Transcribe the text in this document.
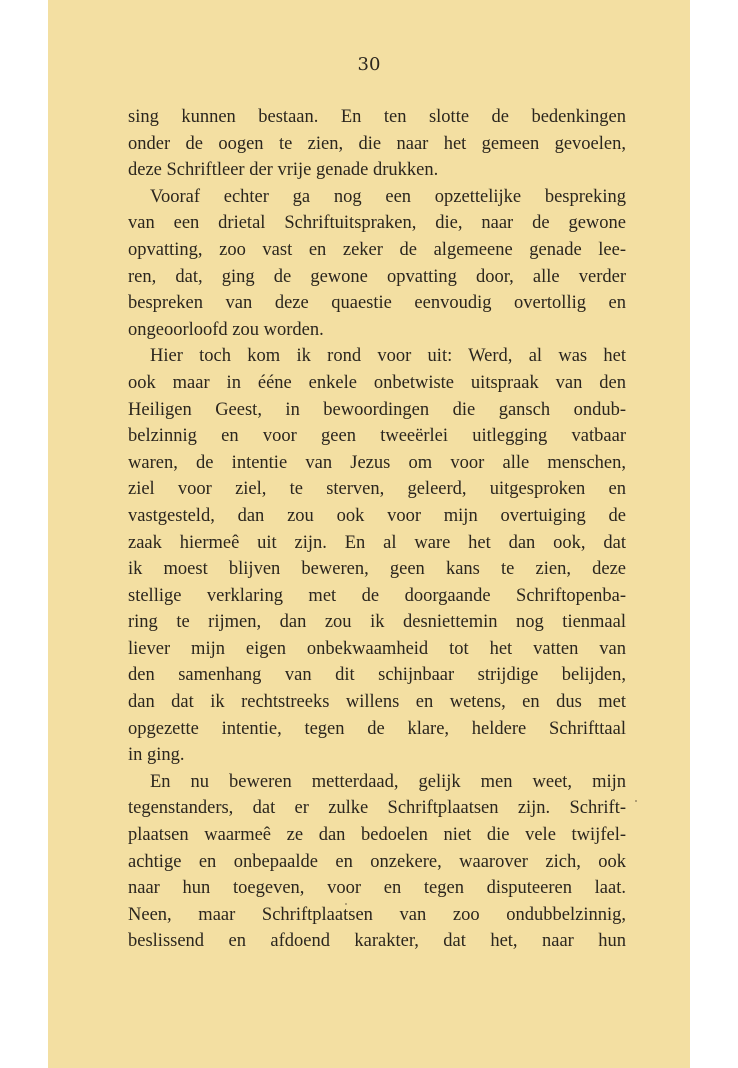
30

sing kunnen bestaan. En ten slotte de bedenkingen
onder de oogen te zien, die naar het gemeen gevoelen,
deze Schriftleer der vrije genade drukken.

Vooraf echter ga nog een opzettelijke bespreking
van een drietal Schriftuitspraken, die, naar de gewone
opvatting, zoo vast en zeker de algemeene genade lee-
ren, dat, ging de gewone opvatting door, alle verder
bespreken van deze quaestie eenvoudig overtollig en
ongeoorloofd zou worden.

Hier toch kom ik rond voor uit: Werd, al was het
ook maar in ééne enkele onbetwiste uitspraak van den
Heiligen Geest, in bewoordingen die gansch ondub-
belzinnig en voor geen tweeërlei uitlegging vatbaar
waren, de intentie van Jezus om voor alle menschen,
ziel voor ziel, te sterven, geleerd, uitgesproken en
vastgesteld, dan zou ook voor mijn overtuiging de
zaak hiermeê uit zijn. En al ware het dan ook, dat
ik moest blijven beweren, geen kans te zien, deze
stellige verklaring met de doorgaande Schriftopenba-
ring te rijmen, dan zou ik desniettemin nog tienmaal
liever mijn eigen onbekwaamheid tot het vatten van
den samenhang van dit schijnbaar strijdige belijden,
dan dat ik rechtstreeks willens en wetens, en dus met
opgezette intentie, tegen de klare, heldere Schrifttaal
in ging.

En nu beweren metterdaad, gelijk men weet, mijn
tegenstanders, dat er zulke Schriftplaatsen zijn. Schrift-
plaatsen waarmeê ze dan bedoelen niet die vele twijfel-
achtige en onbepaalde en onzekere, waarover zich, ook
naar hun toegeven, voor en tegen disputeeren laat.
Neen, maar Schriftplaatsen van zoo ondubbelzinnig,
beslissend en afdoend karakter, dat het, naar hun
